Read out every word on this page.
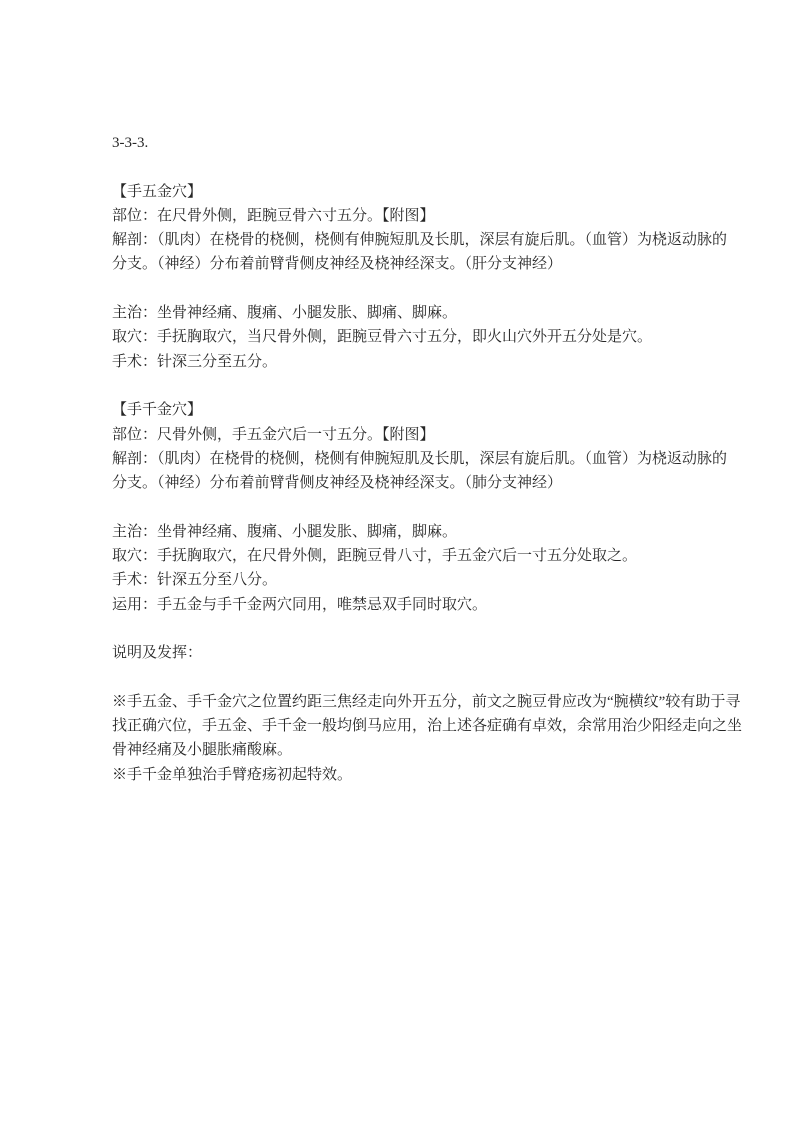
3-3-3.
【手五金穴】
部位：在尺骨外侧，距腕豆骨六寸五分。【附图】
解剖：（肌肉）在桡骨的桡侧，桡侧有伸腕短肌及长肌，深层有旋后肌。（血管）为桡返动脉的
分支。（神经）分布着前臂背侧皮神经及桡神经深支。（肝分支神经）
主治：坐骨神经痛、腹痛、小腿发胀、脚痛、脚麻。
取穴：手抚胸取穴，当尺骨外侧，距腕豆骨六寸五分，即火山穴外开五分处是穴。
手术：针深三分至五分。
【手千金穴】
部位：尺骨外侧，手五金穴后一寸五分。【附图】
解剖：（肌肉）在桡骨的桡侧，桡侧有伸腕短肌及长肌，深层有旋后肌。（血管）为桡返动脉的
分支。（神经）分布着前臂背侧皮神经及桡神经深支。（肺分支神经）
主治：坐骨神经痛、腹痛、小腿发胀、脚痛，脚麻。
取穴：手抚胸取穴，在尺骨外侧，距腕豆骨八寸，手五金穴后一寸五分处取之。
手术：针深五分至八分。
运用：手五金与手千金两穴同用，唯禁忌双手同时取穴。
说明及发挥：
※手五金、手千金穴之位置约距三焦经走向外开五分，前文之腕豆骨应改为“腕横纹”较有助于寻
找正确穴位，手五金、手千金一般均倒马应用，治上述各症确有卓效，余常用治少阳经走向之坐
骨神经痛及小腿胀痛酸麻。
※手千金单独治手臂疮疡初起特效。
